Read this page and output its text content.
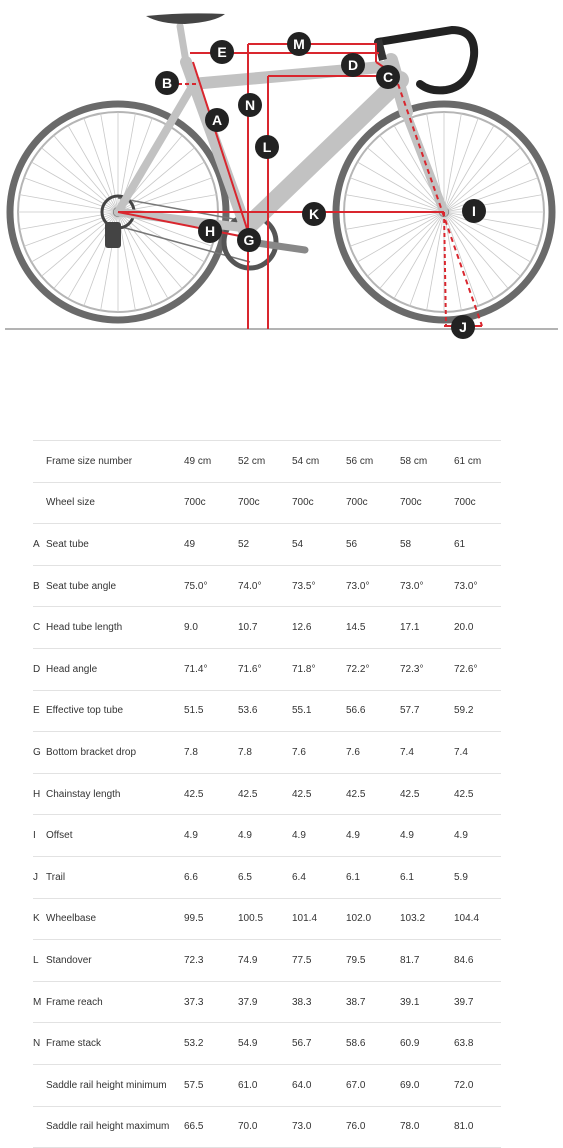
A
B	C
D
E
G
H
I
J
K
L
M
N
	Frame size number	49 cm	52 cm	54 cm	56 cm	58 cm	61 cm
	Wheel size	700c	700c	700c	700c	700c	700c
A	Seat tube	49	52	54	56	58	61
B	Seat tube angle	75.0°	74.0°	73.5°	73.0°	73.0°	73.0°
C	Head tube length	9.0	10.7	12.6	14.5	17.1	20.0
D	Head angle	71.4°	71.6°	71.8°	72.2°	72.3°	72.6°
E	Effective top tube	51.5	53.6	55.1	56.6	57.7	59.2
G	Bottom bracket drop	7.8	7.8	7.6	7.6	7.4	7.4
H	Chainstay length	42.5	42.5	42.5	42.5	42.5	42.5
I	Offset	4.9	4.9	4.9	4.9	4.9	4.9
J	Trail	6.6	6.5	6.4	6.1	6.1	5.9
K	Wheelbase	99.5	100.5	101.4	102.0	103.2	104.4
L	Standover	72.3	74.9	77.5	79.5	81.7	84.6
M	Frame reach	37.3	37.9	38.3	38.7	39.1	39.7
N	Frame stack	53.2	54.9	56.7	58.6	60.9	63.8
	Saddle rail height minimum	57.5	61.0	64.0	67.0	69.0	72.0
	Saddle rail height maximum	66.5	70.0	73.0	76.0	78.0	81.0
